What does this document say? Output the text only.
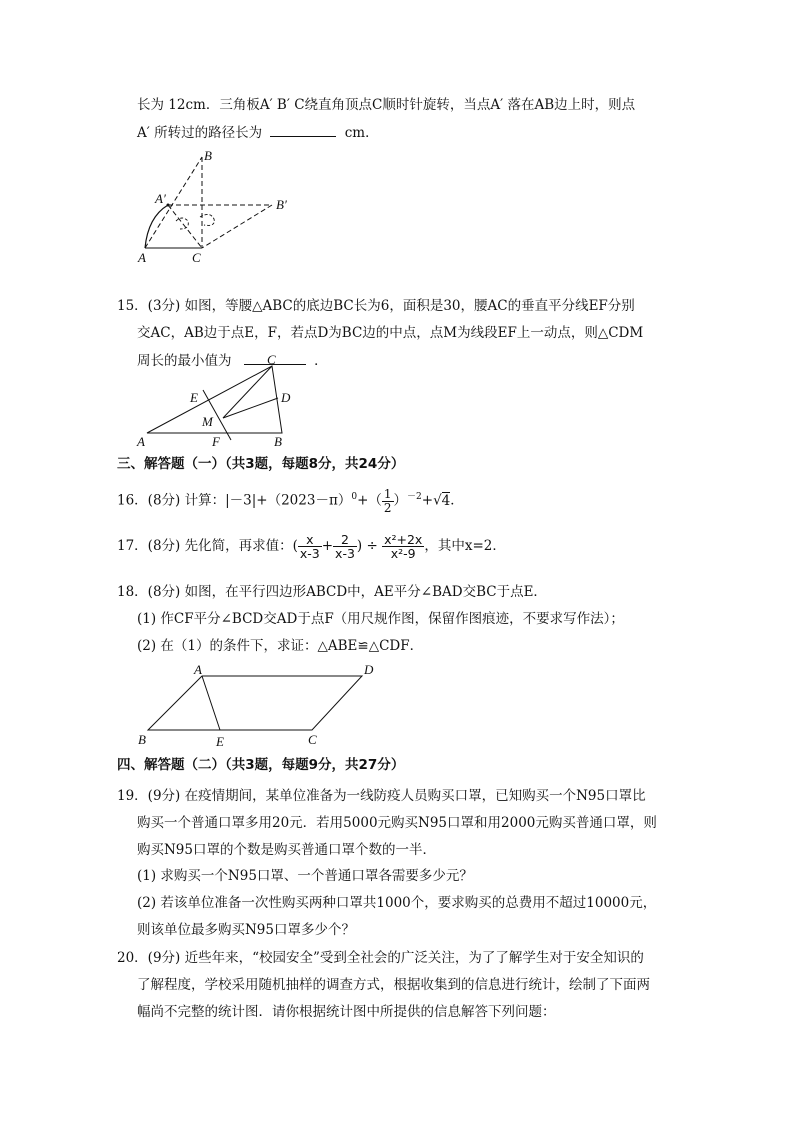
长为 12cm．三角板A′ B′ C绕直角顶点C顺时针旋转，当点A′ 落在AB边上时，则点
A′ 所转过的路径长为	cm．
B
A′	B′
A	C
15．(3分) 如图，等腰△ABC的底边BC长为6，面积是30，腰AC的垂直平分线EF分别
交AC，AB边于点E，F，若点D为BC边的中点，点M为线段EF上一动点，则△CDM
周长的最小值为	．
C
D
E
M
A	F	B
三、解答题（一）（共3题，每题8分，共24分）
16．(8分) 计算：$|-3|+(2023-\pi)^0+( \frac{1}{2} )^{-2}+√4$．
17．(8分) 先化简，再求值：( $\frac{x}{x-3} + \frac{2}{x-3}$ ) ÷ $\frac{\text{x²+2x}}{\text{x²-9}}$ ，其中x=2．
18．(8分) 如图，在平行四边形ABCD中，AE平分∠BAD交BC于点E．
(1) 作CF平分∠BCD交AD于点F（用尺规作图，保留作图痕迹，不要求写作法）；
(2) 在（1）的条件下，求证：△ABE≌△CDF．
A	D
B	E	C
四、解答题（二）（共3题，每题9分，共27分）
19．(9分) 在疫情期间，某单位准备为一线防疫人员购买口罩，已知购买一个N95口罩比
购买一个普通口罩多用20元．若用5000元购买N95口罩和用2000元购买普通口罩，则
购买N95口罩的个数是购买普通口罩个数的一半．
(1) 求购买一个N95口罩、一个普通口罩各需要多少元？
(2) 若该单位准备一次性购买两种口罩共1000个，要求购买的总费用不超过10000元，
则该单位最多购买N95口罩多少个？
20．(9分) 近些年来，“校园安全”受到全社会的广泛关注，为了了解学生对于安全知识的
了解程度，学校采用随机抽样的调查方式，根据收集到的信息进行统计，绘制了下面两
幅尚不完整的统计图．请你根据统计图中所提供的信息解答下列问题：
